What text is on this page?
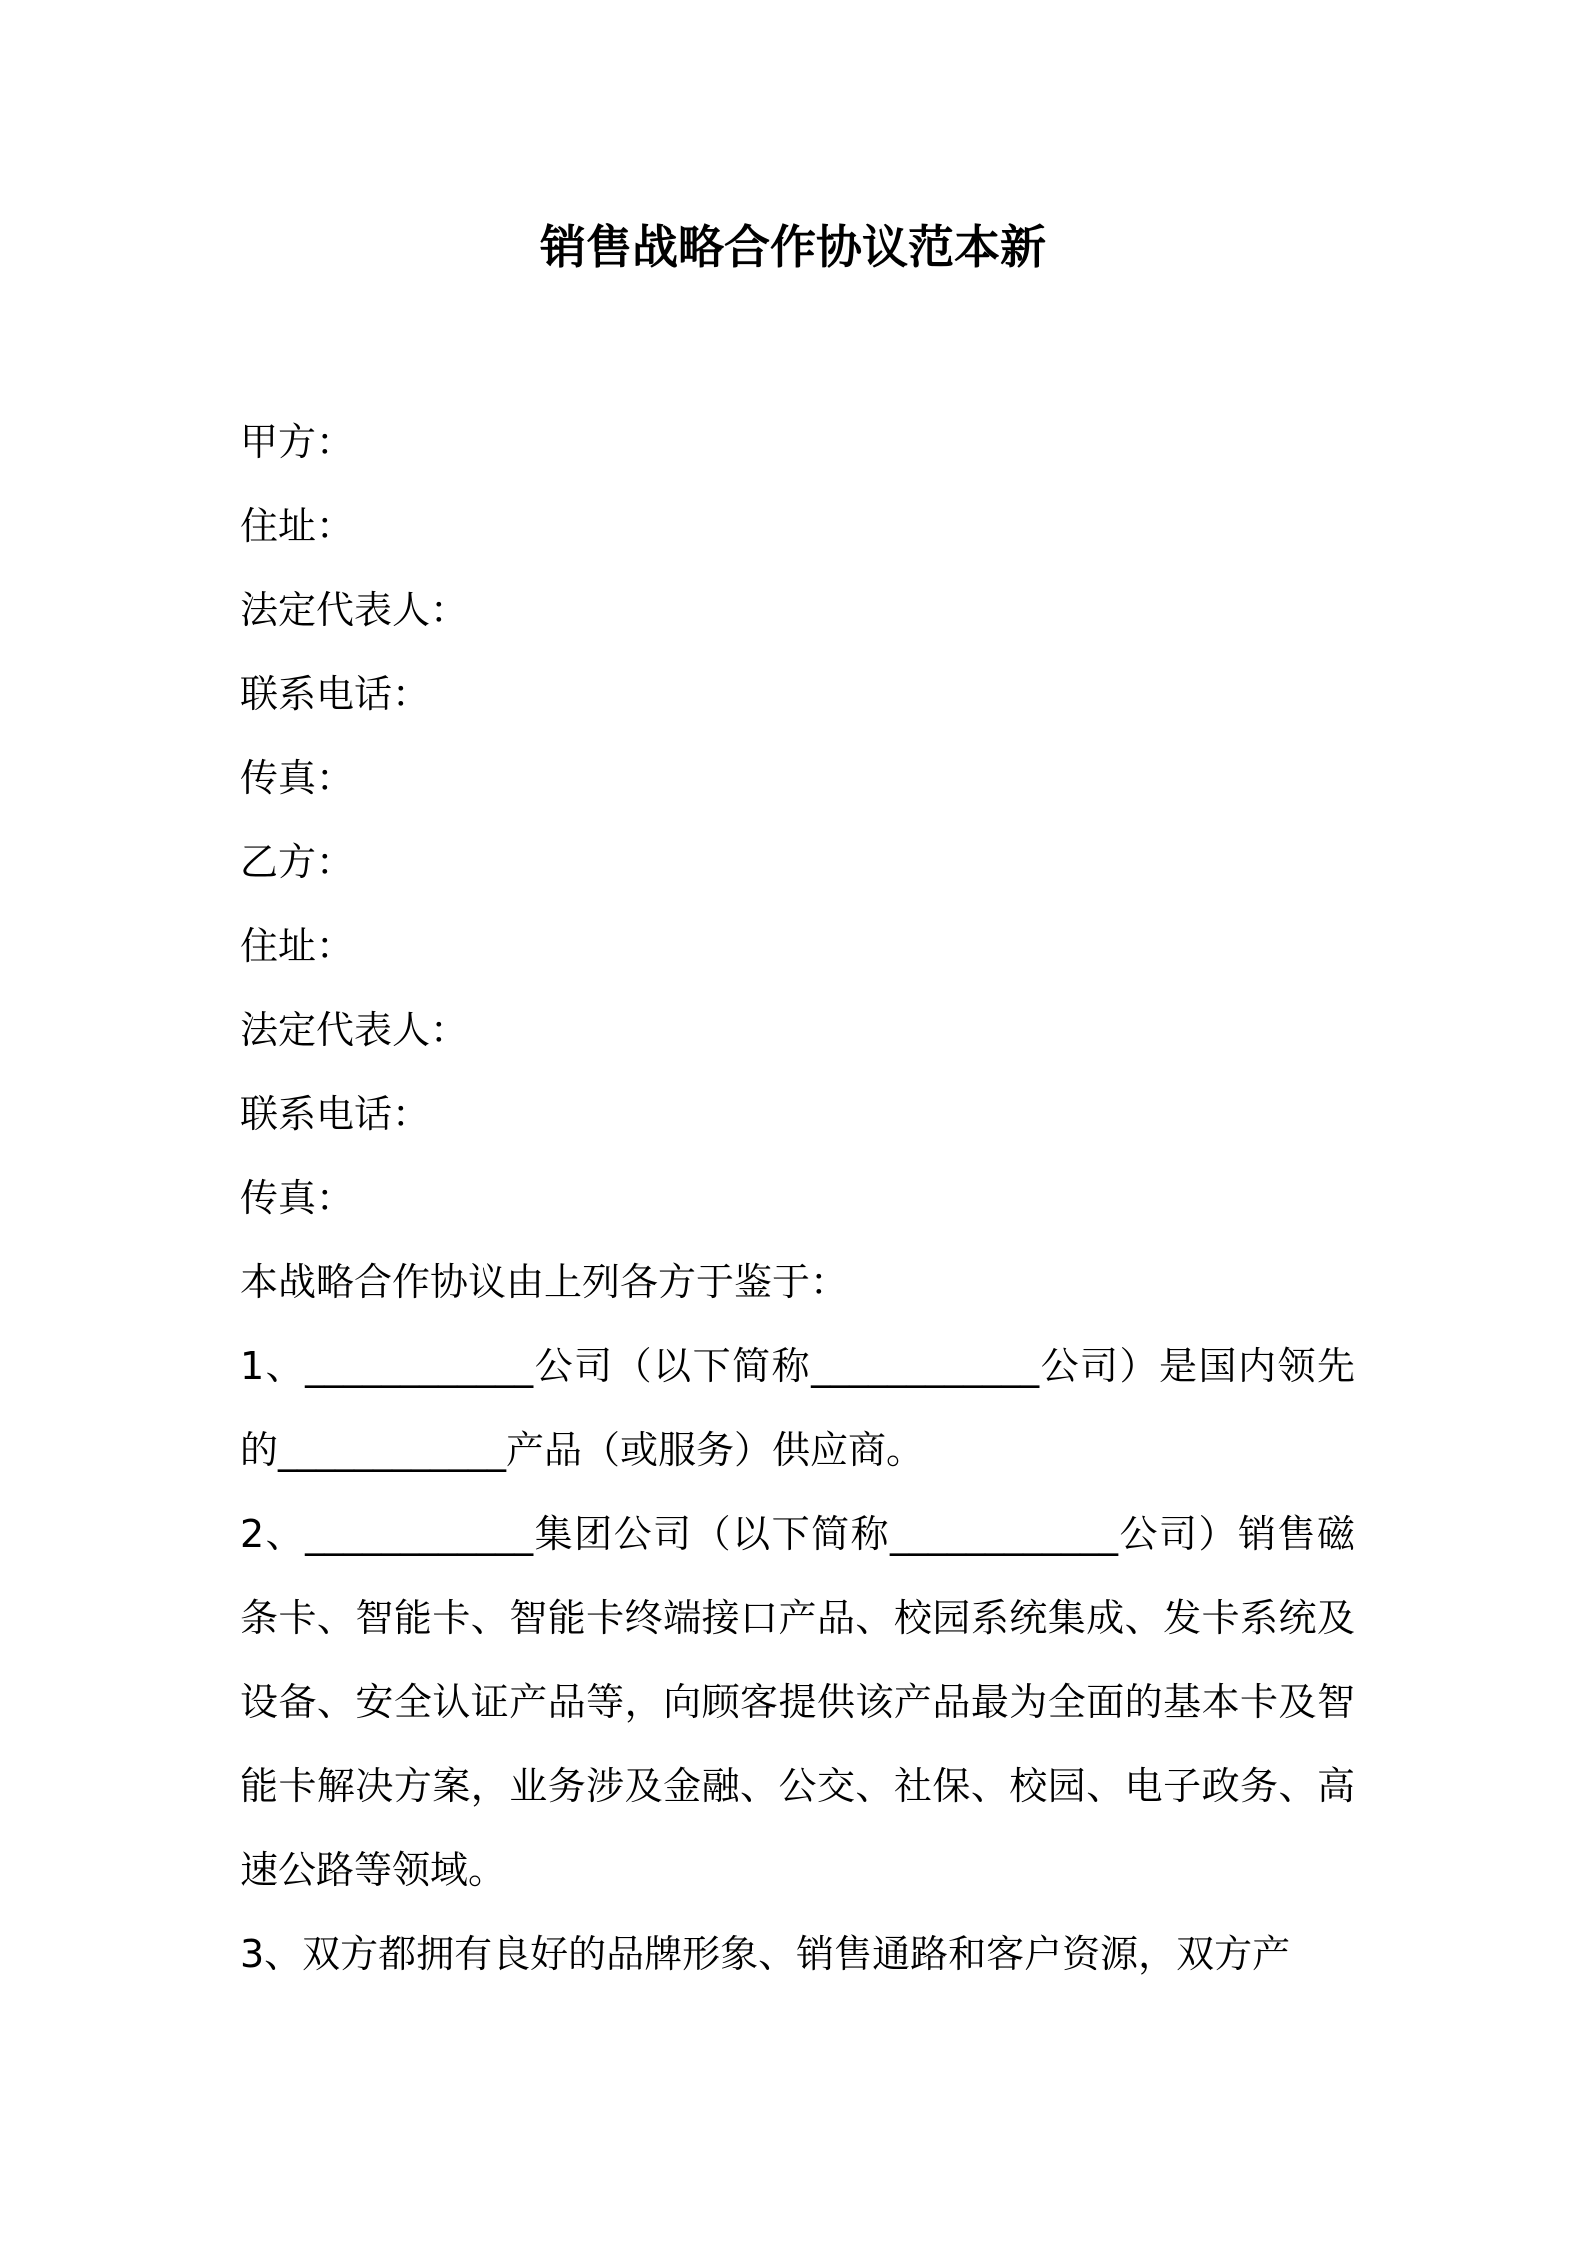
销售战略合作协议范本新
甲方：
住址：
法定代表人：
联系电话：
传真：
乙方：
住址：
法定代表人：
联系电话：
传真：
本战略合作协议由上列各方于鉴于：

1、____________公司（以下简称____________公司）是国内领先的____________产品（或服务）供应商。

2、____________集团公司（以下简称____________公司）销售磁条卡、智能卡、智能卡终端接口产品、校园系统集成、发卡系统及设备、安全认证产品等，向顾客提供该产品最为全面的基本卡及智能卡解决方案，业务涉及金融、公交、社保、校园、电子政务、高速公路等领域。

3、双方都拥有良好的品牌形象、销售通路和客户资源，双方产
